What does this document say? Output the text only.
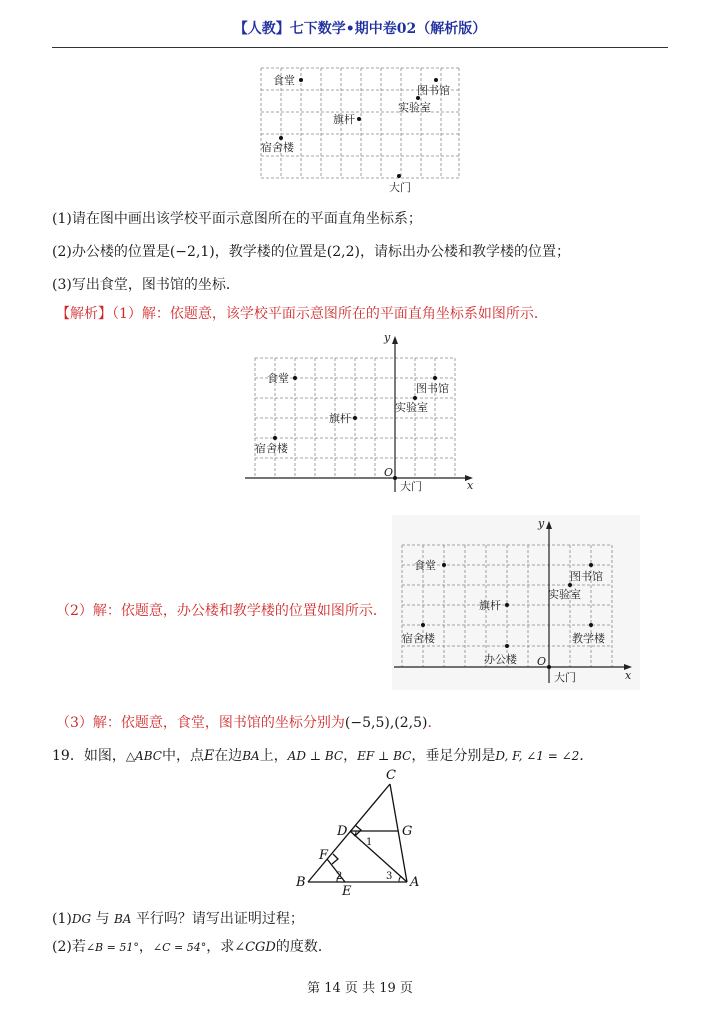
【人教】七下数学•期中卷02（解析版）
食堂
图书馆
实验室
旗杆
宿舍楼
大门
(1)请在图中画出该学校平面示意图所在的平面直角坐标系；
(2)办公楼的位置是(−2,1)，教学楼的位置是(2,2)，请标出办公楼和教学楼的位置；
(3)写出食堂，图书馆的坐标．
【解析】（1）解：依题意，该学校平面示意图所在的平面直角坐标系如图所示．
y
x
O
食堂
图书馆
实验室
旗杆
宿舍楼
大门
（2）解：依题意，办公楼和教学楼的位置如图所示．
y
x
O
食堂
图书馆
实验室
旗杆
教学楼
宿舍楼
办公楼
大门
（3）解：依题意，食堂，图书馆的坐标分别为(−5,5),(2,5)．
19．如图，△ABC中，点E在边BA上，AD ⊥ BC，EF ⊥ BC，垂足分别是D, F, ∠1 = ∠2．
C
D	G
F
B	A
E
1
2	3
(1)DG 与 BA 平行吗？请写出证明过程；
(2)若∠B = 51°，∠C = 54°，求∠CGD的度数．
第 14 页 共 19 页
